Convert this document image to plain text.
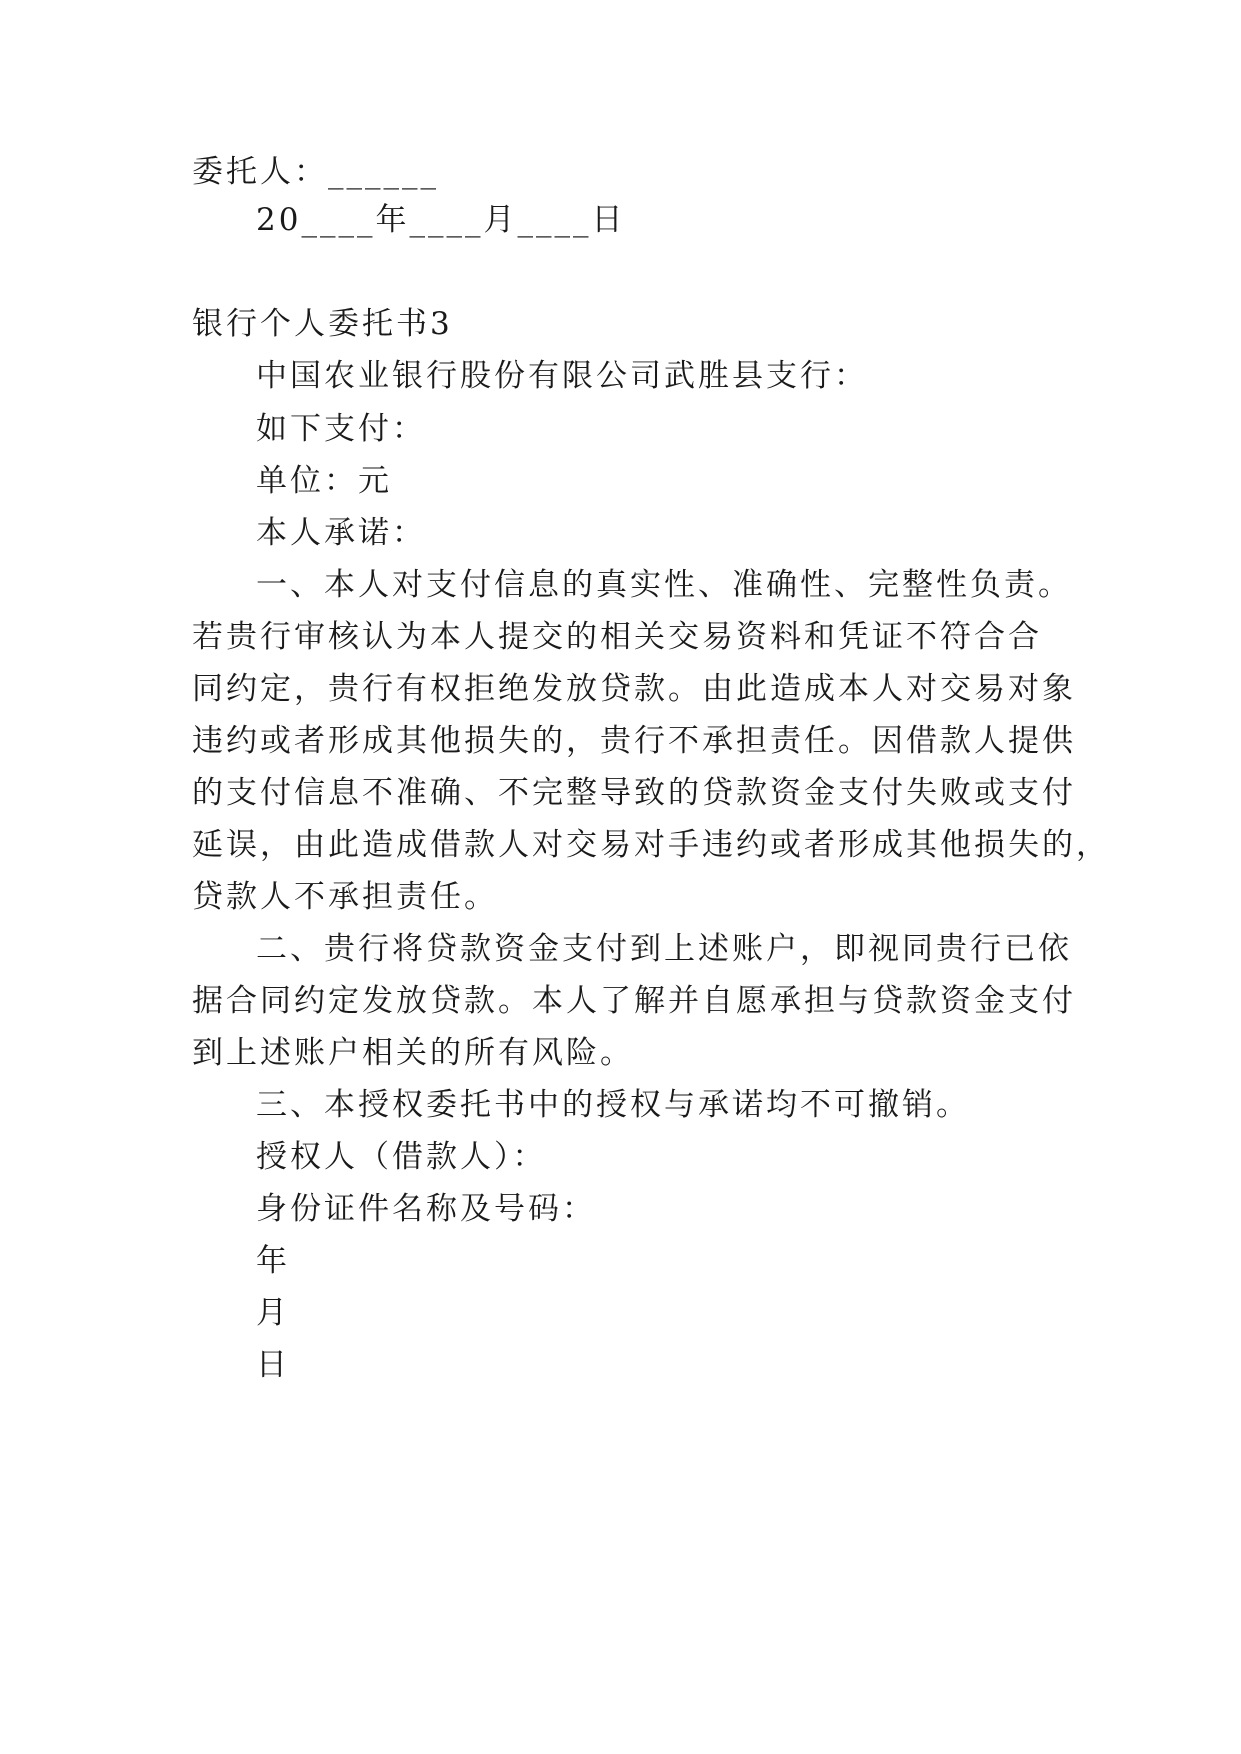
委托人：______
20____年____月____日
银行个人委托书3
中国农业银行股份有限公司武胜县支行：
如下支付：
单位：元
本人承诺：
一、本人对支付信息的真实性、准确性、完整性负责。
若贵行审核认为本人提交的相关交易资料和凭证不符合合
同约定，贵行有权拒绝发放贷款。由此造成本人对交易对象
违约或者形成其他损失的，贵行不承担责任。因借款人提供
的支付信息不准确、不完整导致的贷款资金支付失败或支付
延误，由此造成借款人对交易对手违约或者形成其他损失的，
贷款人不承担责任。
二、贵行将贷款资金支付到上述账户，即视同贵行已依
据合同约定发放贷款。本人了解并自愿承担与贷款资金支付
到上述账户相关的所有风险。
三、本授权委托书中的授权与承诺均不可撤销。
授权人（借款人）：
身份证件名称及号码：
年
月
日
